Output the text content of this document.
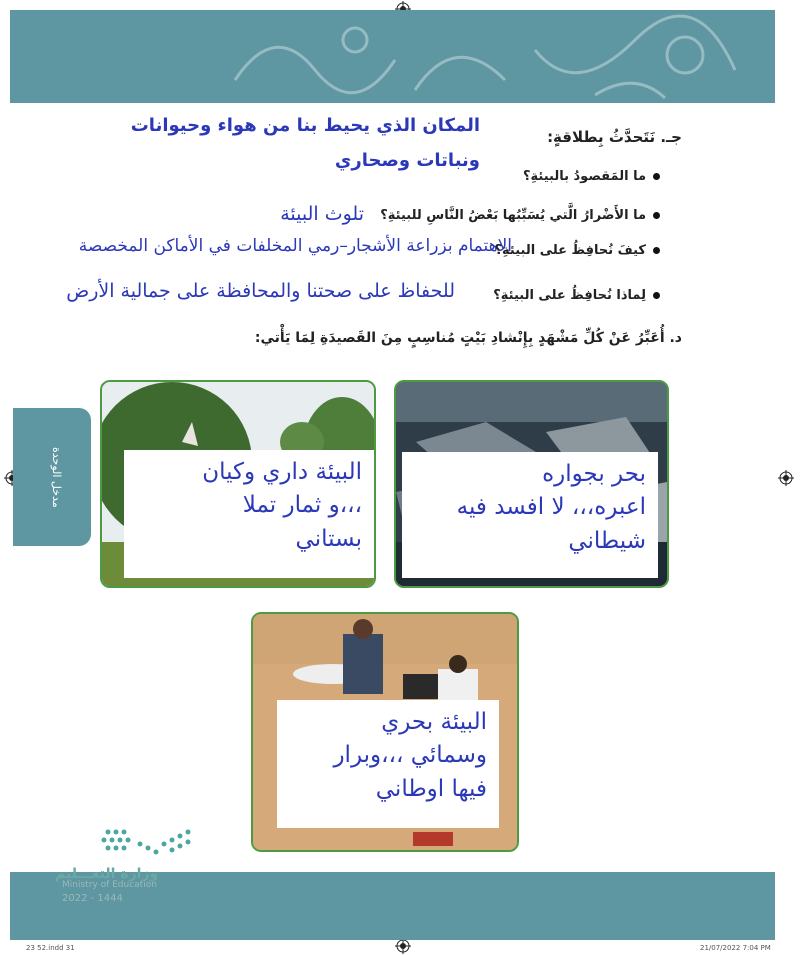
مدخل الوحدة
جـ. نَتَحدَّثُ بِطلاقةٍ:
المكان الذي يحيط بنا من هواء وحيوانات
ونباتات وصحاري
ما المَقصودُ بالبيئةِ؟
ما الأَضْرارُ الَّتي يُسَبِّبُها بَعْضُ النَّاسِ للبيئةِ؟
تلوث البيئة
كيفَ نُحافِظُ على البيئةِ؟
الاهتمام بزراعة الأشجار–رمي المخلفات في الأماكن المخصصة
لِماذا نُحافِظُ على البيئةِ؟
للحفاظ على صحتنا والمحافظة على جمالية الأرض
د. أُعَبِّرُ عَنْ كُلِّ مَشْهَدٍ بِإِنْشادِ بَيْتٍ مُناسِبٍ مِنَ القَصيدَةِ لِمَا يَأْتي:
بحر بجواره
اعبره،،، لا افسد فيه
شيطاني
البيئة داري وكيان
،،،و ثمار تملا
بستاني
البيئة بحري
وسمائي ،،،وبرار
فيها اوطاني
وزارة التعـــليم
Ministry of Education
2022 - 1444
23 52.indd 31	21/07/2022 7:04 PM
